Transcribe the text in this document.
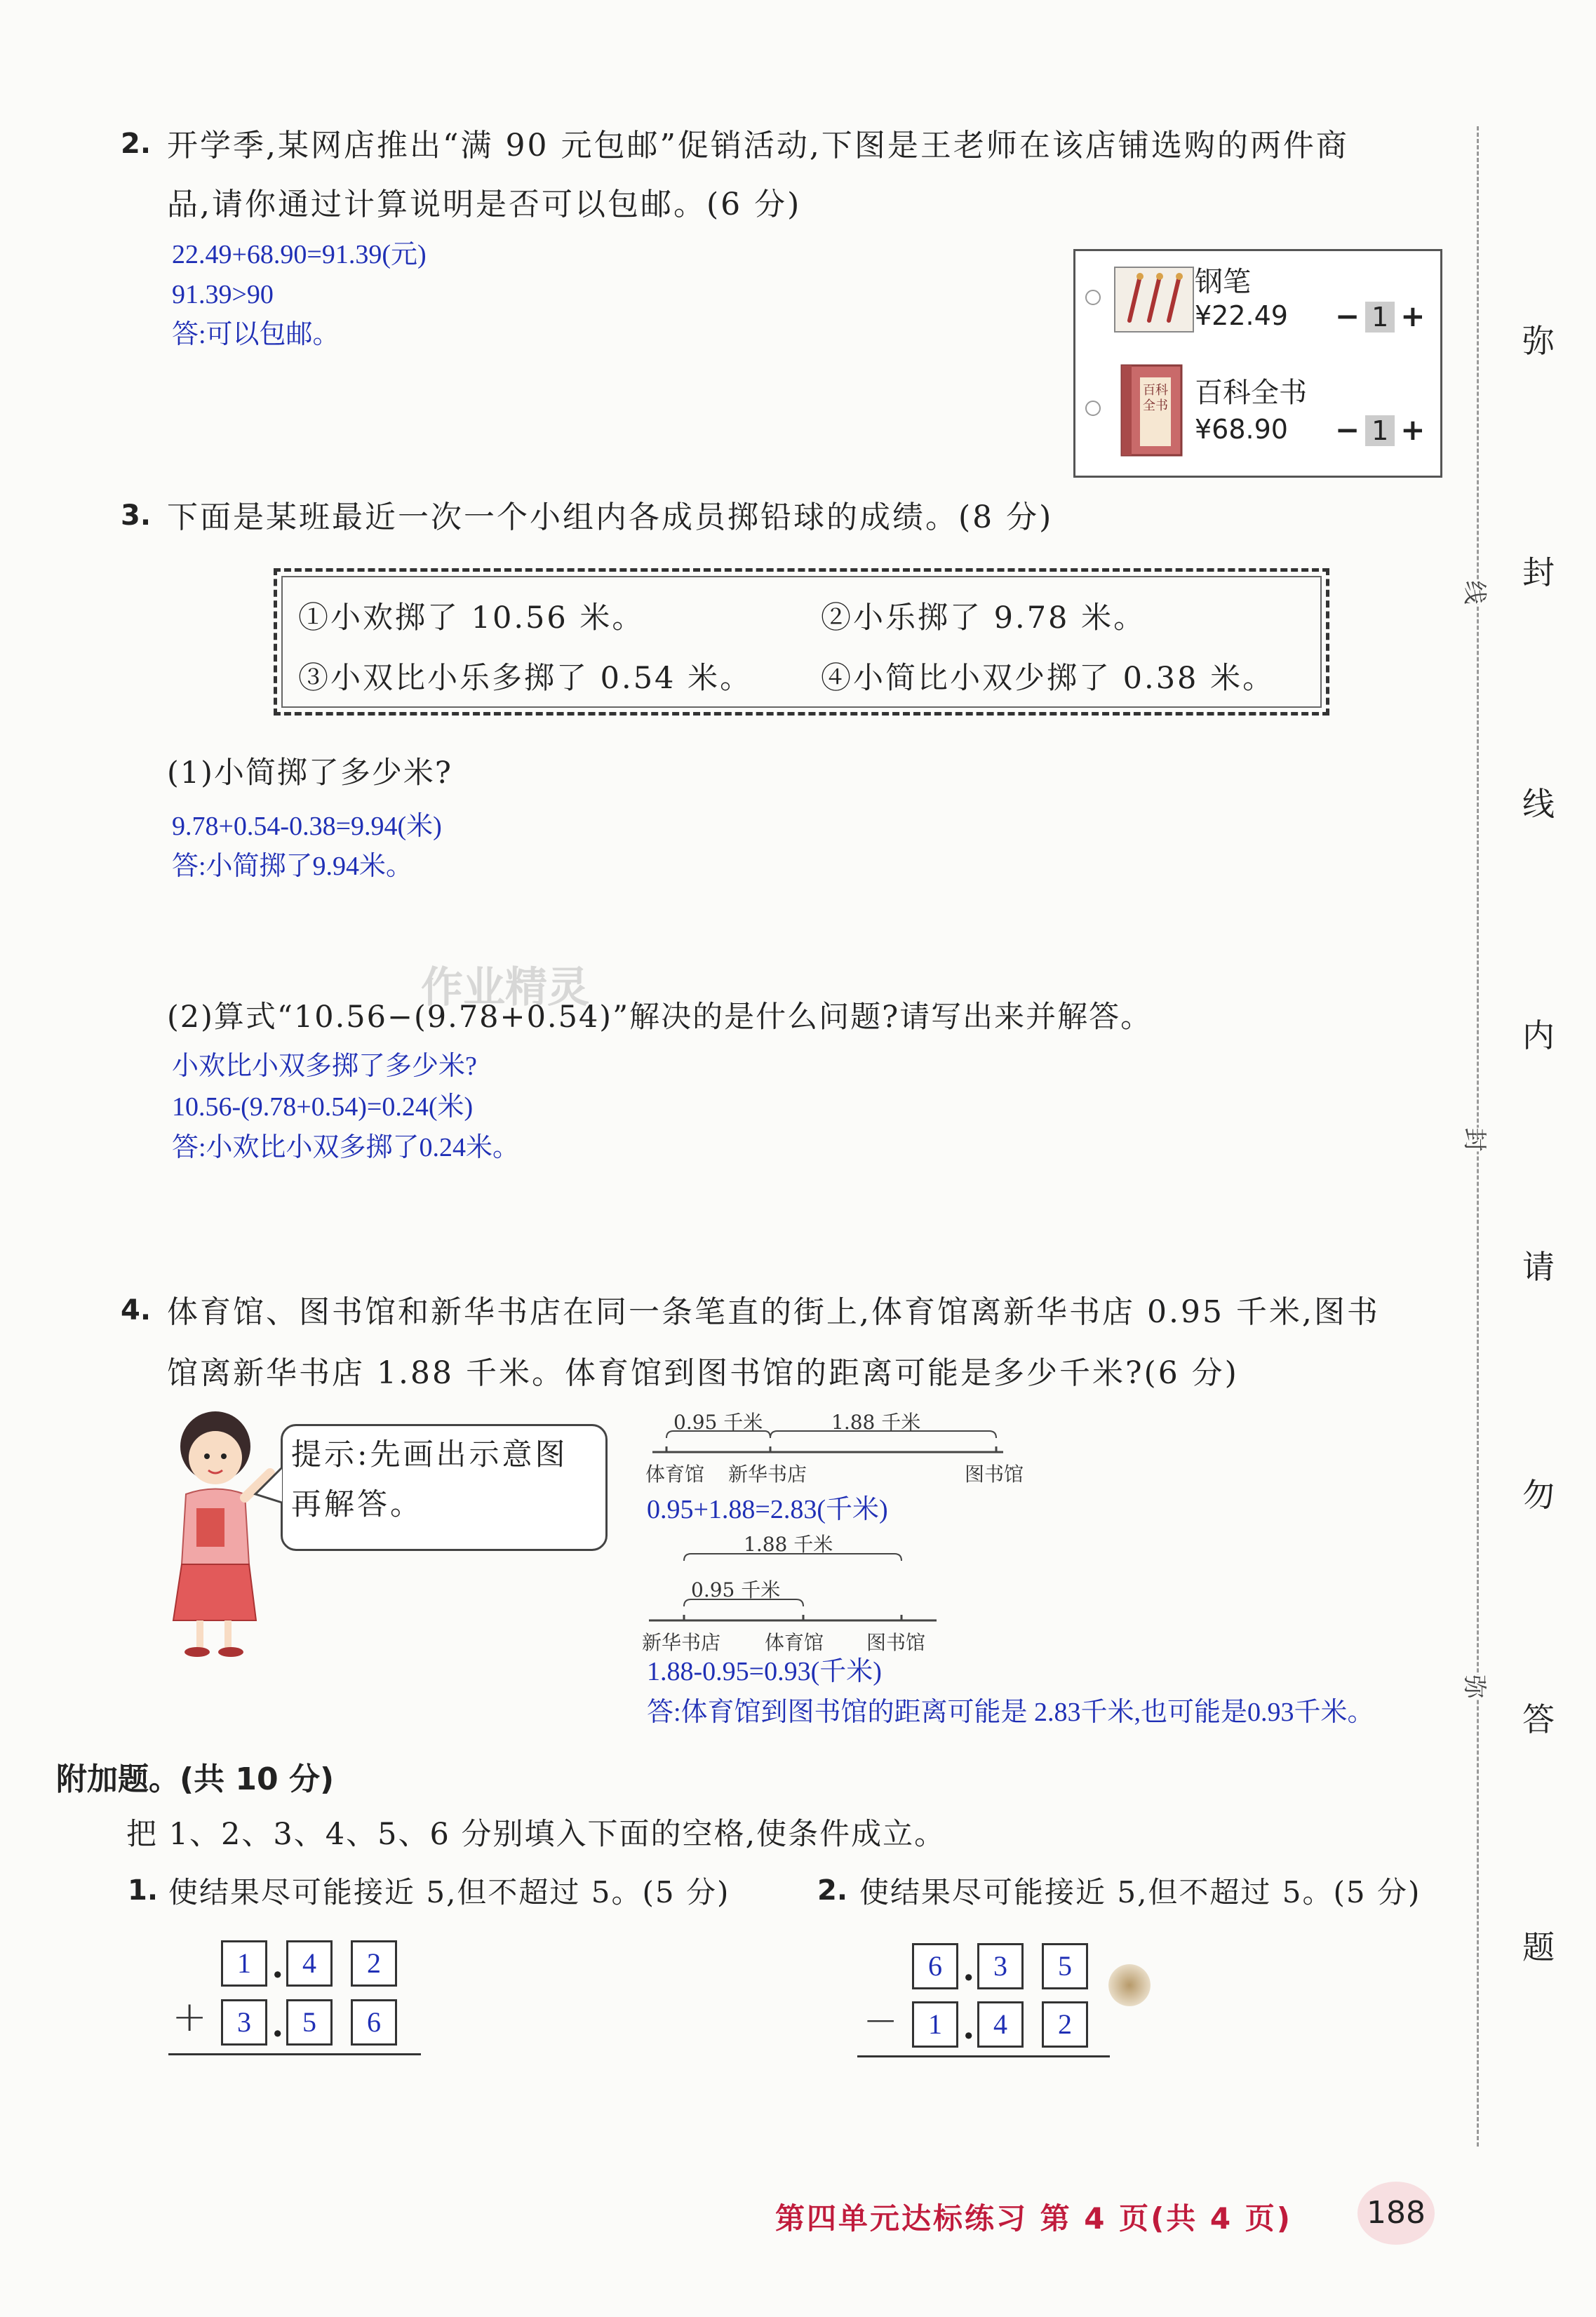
2. 开学季,某网店推出“满 90 元包邮”促销活动,下图是王老师在该店铺选购的两件商
品,请你通过计算说明是否可以包邮。(6 分)
22.49+68.90=91.39(元)
91.39>90
答:可以包邮。
钢笔
¥22.49 − 1 +
百科全书 百科全书
¥68.90 − 1 +
3. 下面是某班最近一次一个小组内各成员掷铅球的成绩。(8 分)
①小欢掷了 10.56 米。	②小乐掷了 9.78 米。
③小双比小乐多掷了 0.54 米。 ④小简比小双少掷了 0.38 米。
(1)小简掷了多少米?
9.78+0.54-0.38=9.94(米)
答:小简掷了9.94米。
作业精灵
(2)算式“10.56−(9.78+0.54)”解决的是什么问题?请写出来并解答。
小欢比小双多掷了多少米?
10.56-(9.78+0.54)=0.24(米)
答:小欢比小双多掷了0.24米。
4. 体育馆、图书馆和新华书店在同一条笔直的街上,体育馆离新华书店 0.95 千米,图书
馆离新华书店 1.88 千米。体育馆到图书馆的距离可能是多少千米?(6 分)
提示:先画出示意图
再解答。
0.95 千米	1.88 千米
体育馆 新华书店	图书馆
0.95+1.88=2.83(千米)
1.88 千米
0.95 千米
新华书店 体育馆 图书馆
1.88-0.95=0.93(千米)
答:体育馆到图书馆的距离可能是 2.83千米,也可能是0.93千米。
附加题。(共 10 分)
把 1、2、3、4、5、6 分别填入下面的空格,使条件成立。
1. 使结果尽可能接近 5,但不超过 5。(5 分)
1 . 4	2
+	3 . 5	6
2. 使结果尽可能接近 5,但不超过 5。(5 分)
6 . 3	5
−	1 . 4	2
弥
封
线
内
请
勿
答
题
线
封
弥
第四单元达标练习 第 4 页(共 4 页) 188
